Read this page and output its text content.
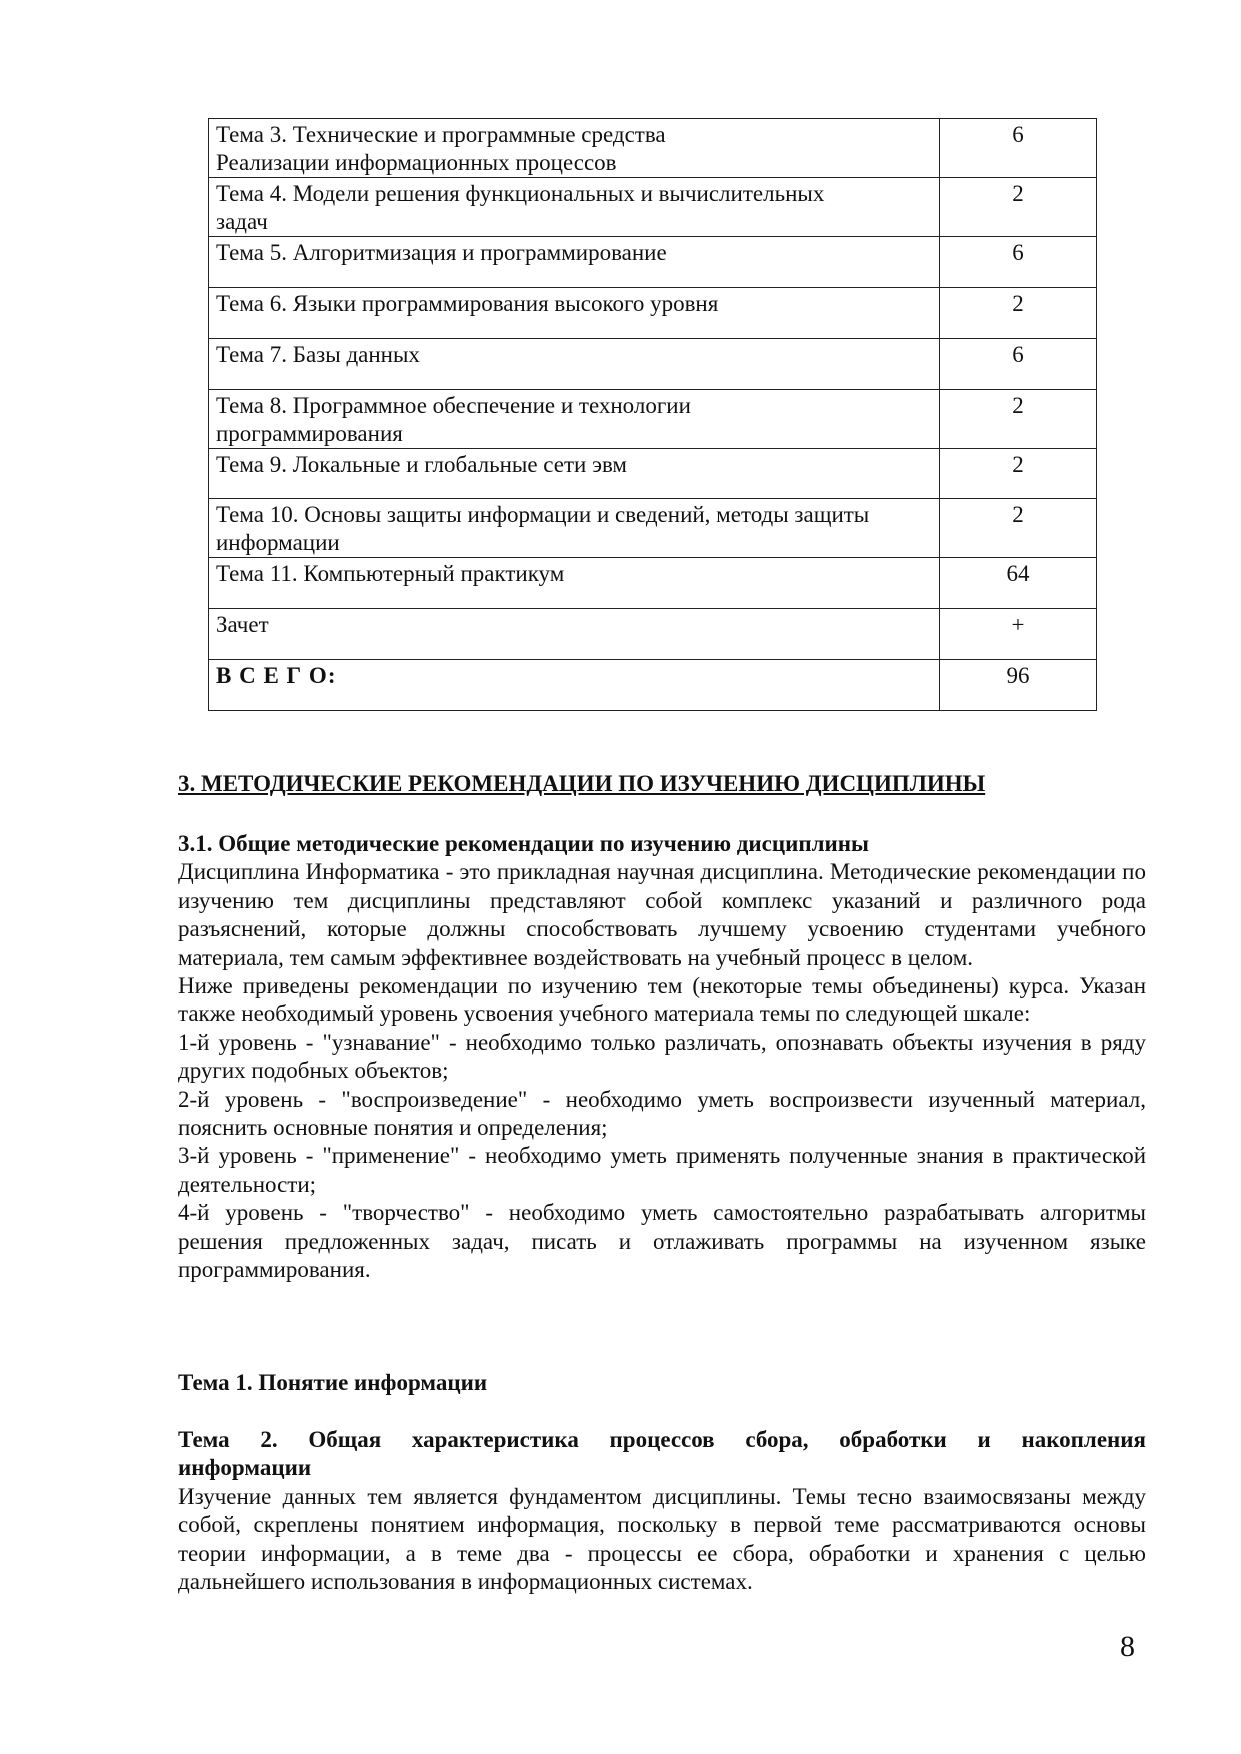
Тема 3. Технические и программные средства
Реализации информационных процессов	6
Тема 4. Модели решения функциональных и вычислительных
задач	2
Тема 5. Алгоритмизация и программирование	6
Тема 6. Языки программирования высокого уровня	2
Тема 7. Базы данных	6
Тема 8. Программное обеспечение и технологии
программирования	2
Тема 9. Локальные и глобальные сети эвм	2
Тема 10. Основы защиты информации и сведений, методы защиты
информации	2
Тема 11. Компьютерный практикум	64
Зачет	+
В С Е Г О:	96
3. МЕТОДИЧЕСКИЕ РЕКОМЕНДАЦИИ ПО ИЗУЧЕНИЮ ДИСЦИПЛИНЫ

3.1. Общие методические рекомендации по изучению дисциплины

Дисциплина Информатика - это прикладная научная дисциплина. Методические рекомендации по изучению тем дисциплины представляют собой комплекс указаний и различного рода разъяснений, которые должны способствовать лучшему усвоению студентами учебного материала, тем самым эффективнее воздействовать на учебный процесс в целом.

Ниже приведены рекомендации по изучению тем (некоторые темы объединены) курса. Указан также необходимый уровень усвоения учебного материала темы по следующей шкале:

1-й уровень - "узнавание" - необходимо только различать, опознавать объекты изучения в ряду других подобных объектов;

2-й уровень - "воспроизведение" - необходимо уметь воспроизвести изученный материал, пояснить основные понятия и определения;

3-й уровень - "применение" - необходимо уметь применять полученные знания в практической деятельности;

4-й уровень - "творчество" - необходимо уметь самостоятельно разрабатывать алгоритмы решения предложенных задач, писать и отлаживать программы на изученном языке программирования.

Тема 1. Понятие информации

Тема 2. Общая характеристика процессов сбора, обработки и накопления

информации

Изучение данных тем является фундаментом дисциплины. Темы тесно взаимосвязаны между собой, скреплены понятием информация, поскольку в первой теме рассматриваются основы теории информации, а в теме два - процессы ее сбора, обработки и хранения с целью дальнейшего использования в информационных системах.

8
